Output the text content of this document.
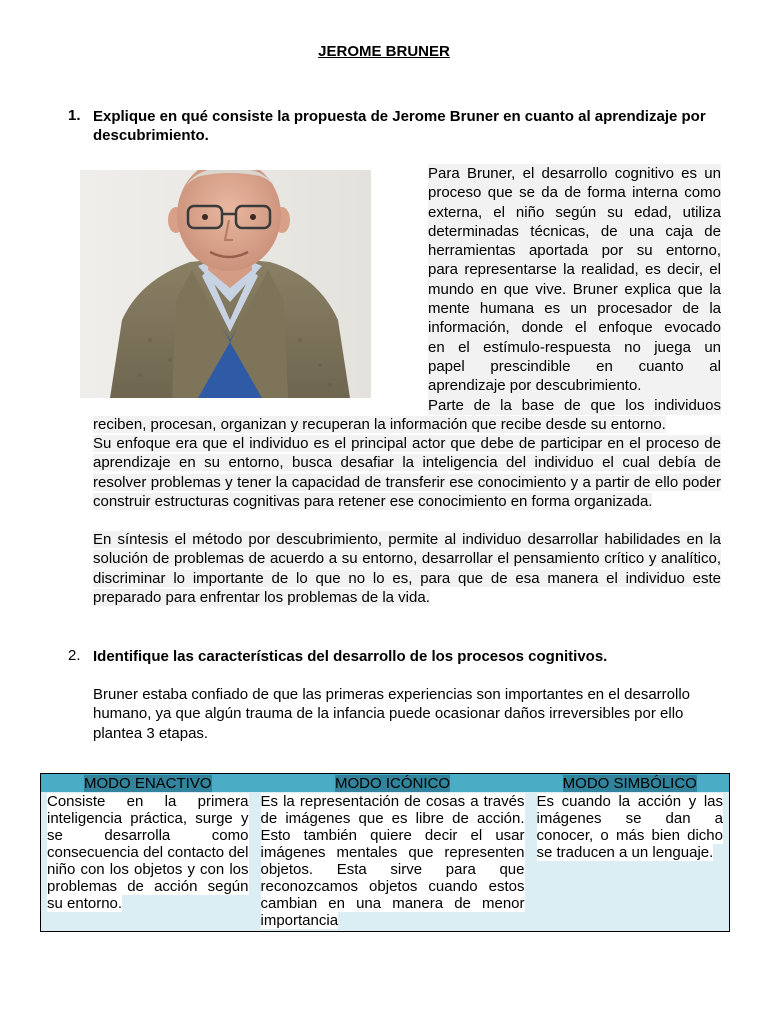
JEROME BRUNER
1. Explique en qué consiste la propuesta de Jerome Bruner en cuanto al aprendizaje por descubrimiento.
Para Bruner, el desarrollo cognitivo es un
proceso que se da de forma interna como
externa, el niño según su edad, utiliza
determinadas técnicas, de una caja de
herramientas aportada por su entorno,
para representarse la realidad, es decir, el
mundo en que vive. Bruner explica que la
mente humana es un procesador de la
información, donde el enfoque evocado
en el estímulo-respuesta no juega un
papel prescindible en cuanto al
aprendizaje por descubrimiento.
Parte de la base de que los individuos
reciben, procesan, organizan y recuperan la información que recibe desde su entorno.
Su enfoque era que el individuo es el principal actor que debe de participar en el proceso de aprendizaje en su entorno, busca desafiar la inteligencia del individuo el cual debía de resolver problemas y tener la capacidad de transferir ese conocimiento y a partir de ello poder construir estructuras cognitivas para retener ese conocimiento en forma organizada.
En síntesis el método por descubrimiento, permite al individuo desarrollar habilidades en la solución de problemas de acuerdo a su entorno, desarrollar el pensamiento crítico y analítico, discriminar lo importante de lo que no lo es, para que de esa manera el individuo este preparado para enfrentar los problemas de la vida.
2. Identifique las características del desarrollo de los procesos cognitivos.
Bruner estaba confiado de que las primeras experiencias son importantes en el desarrollo humano, ya que algún trauma de la infancia puede ocasionar daños irreversibles por ello plantea 3 etapas.
MODO ENACTIVO	MODO ICÓNICO	MODO SIMBÓLICO
Consiste en la primera inteligencia práctica, surge y se desarrolla como consecuencia del contacto del niño con los objetos y con los problemas de acción según su entorno.	Es la representación de cosas a través de imágenes que es libre de acción. Esto también quiere decir el usar imágenes mentales que representen objetos. Esta sirve para que reconozcamos objetos cuando estos cambian en una manera de menor importancia	Es cuando la acción y las imágenes se dan a conocer, o más bien dicho se traducen a un lenguaje.
